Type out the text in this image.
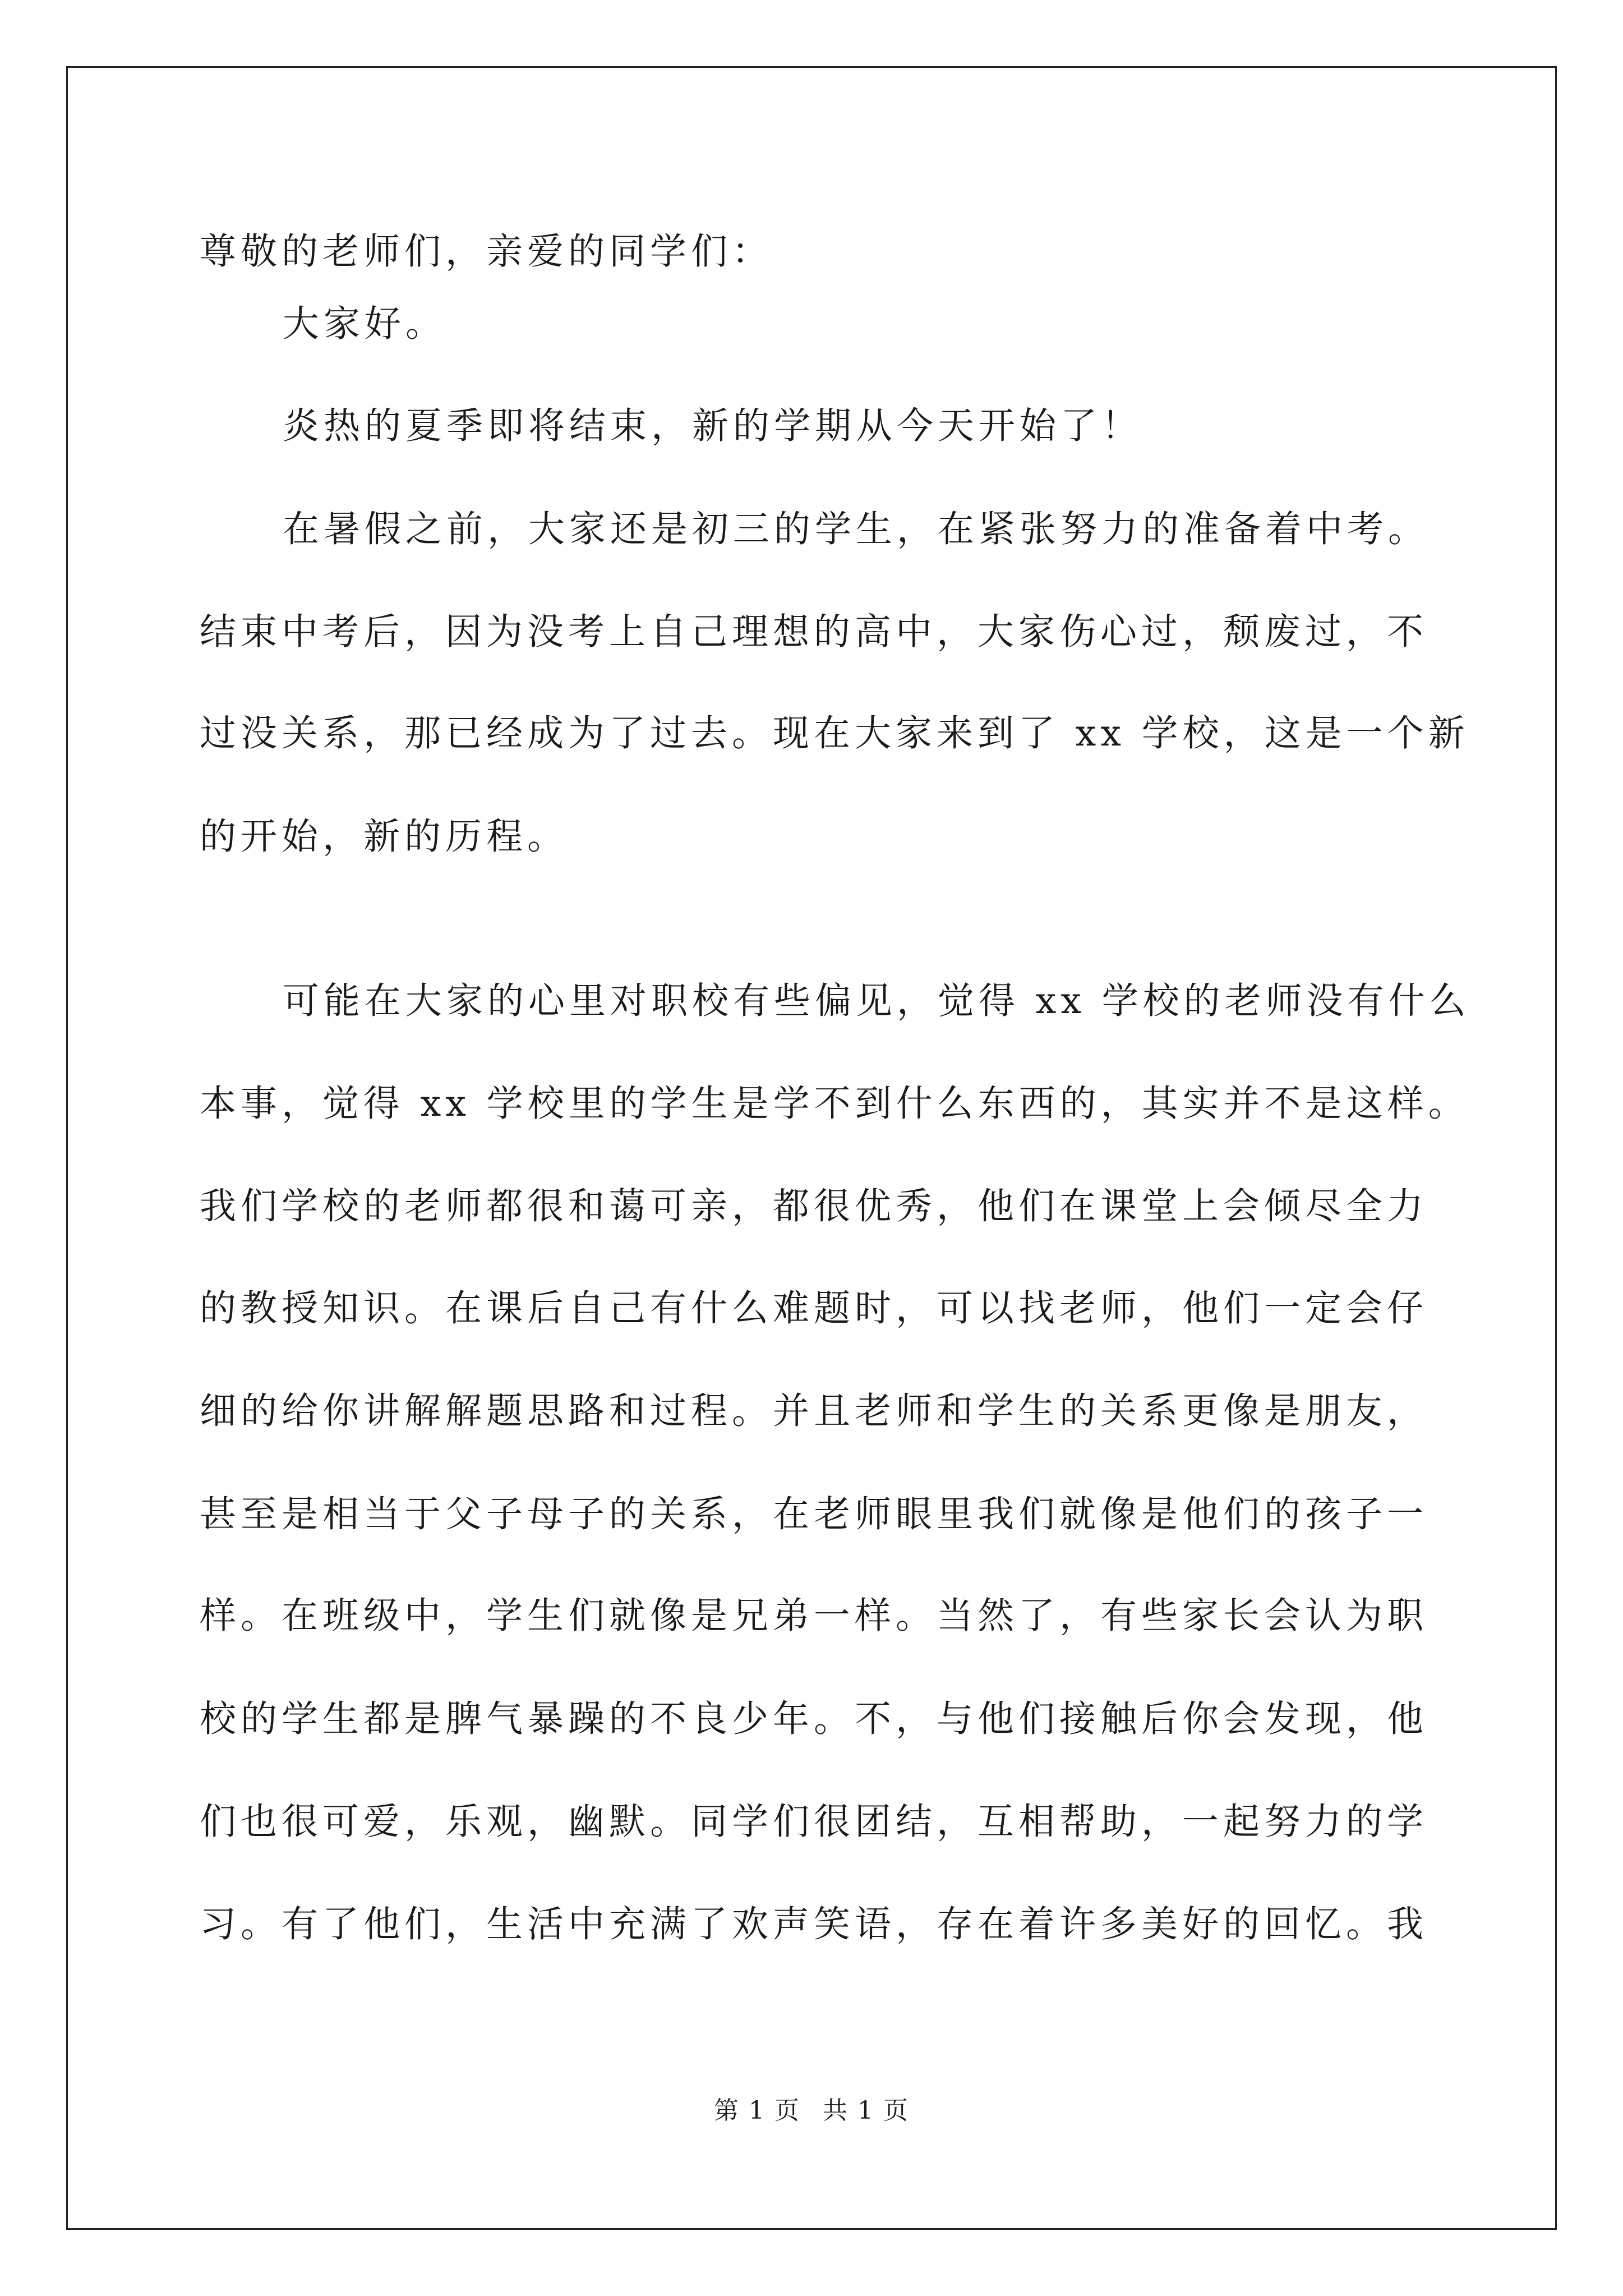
尊敬的老师们，亲爱的同学们：
大家好。
炎热的夏季即将结束，新的学期从今天开始了！
在暑假之前，大家还是初三的学生，在紧张努力的准备着中考。
结束中考后，因为没考上自己理想的高中，大家伤心过，颓废过，不
过没关系，那已经成为了过去。现在大家来到了 xx 学校，这是一个新
的开始，新的历程。
可能在大家的心里对职校有些偏见，觉得 xx 学校的老师没有什么
本事，觉得 xx 学校里的学生是学不到什么东西的，其实并不是这样。
我们学校的老师都很和蔼可亲，都很优秀，他们在课堂上会倾尽全力
的教授知识。在课后自己有什么难题时，可以找老师，他们一定会仔
细的给你讲解解题思路和过程。并且老师和学生的关系更像是朋友，
甚至是相当于父子母子的关系，在老师眼里我们就像是他们的孩子一
样。在班级中，学生们就像是兄弟一样。当然了，有些家长会认为职
校的学生都是脾气暴躁的不良少年。不，与他们接触后你会发现，他
们也很可爱，乐观，幽默。同学们很团结，互相帮助，一起努力的学
习。有了他们，生活中充满了欢声笑语，存在着许多美好的回忆。我
第 1 页 共 1 页
